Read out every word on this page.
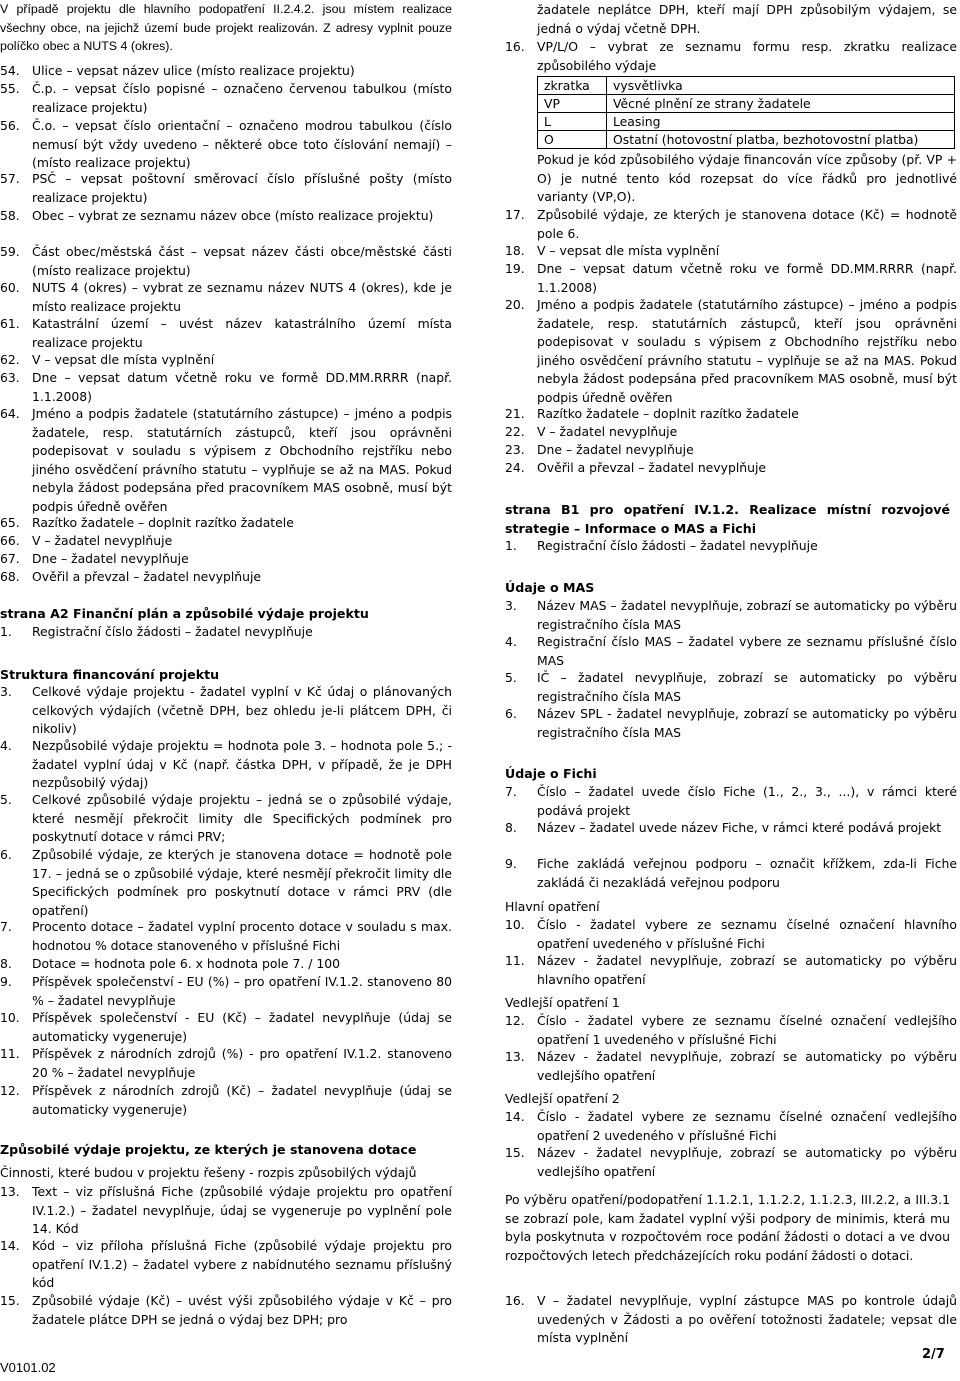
V případě projektu dle hlavního podopatření II.2.4.2. jsou místem realizace všechny obce, na jejichž území bude projekt realizován. Z adresy vyplnit pouze políčko obec a NUTS 4 (okres).

54. Ulice – vepsat název ulice (místo realizace projektu)
55. Č.p. – vepsat číslo popisné – označeno červenou tabulkou (místo realizace projektu)
56. Č.o. – vepsat číslo orientační – označeno modrou tabulkou (číslo nemusí být vždy uvedeno – některé obce toto číslování nemají) – (místo realizace projektu)
57. PSČ – vepsat poštovní směrovací číslo příslušné pošty (místo realizace projektu)
58. Obec – vybrat ze seznamu název obce (místo realizace projektu)
59. Část obec/městská část – vepsat název části obce/městské části (místo realizace projektu)
60. NUTS 4 (okres) – vybrat ze seznamu název NUTS 4 (okres), kde je místo realizace projektu
61. Katastrální území – uvést název katastrálního území místa realizace projektu
62. V – vepsat dle místa vyplnění
63. Dne – vepsat datum včetně roku ve formě DD.MM.RRRR (např. 1.1.2008)
64. Jméno a podpis žadatele (statutárního zástupce) – jméno a podpis žadatele, resp. statutárních zástupců, kteří jsou oprávněni podepisovat v souladu s výpisem z Obchodního rejstříku nebo jiného osvědčení právního statutu – vyplňuje se až na MAS. Pokud nebyla žádost podepsána před pracovníkem MAS osobně, musí být podpis úředně ověřen
65. Razítko žadatele – doplnit razítko žadatele
66. V – žadatel nevyplňuje
67. Dne – žadatel nevyplňuje
68. Ověřil a převzal – žadatel nevyplňuje

strana A2 Finanční plán a způsobilé výdaje projektu

1. Registrační číslo žádosti – žadatel nevyplňuje

Struktura financování projektu

3. Celkové výdaje projektu - žadatel vyplní v Kč údaj o plánovaných celkových výdajích (včetně DPH, bez ohledu je-li plátcem DPH, či nikoliv)
4. Nezpůsobilé výdaje projektu = hodnota pole 3. – hodnota pole 5.; - žadatel vyplní údaj v Kč (např. částka DPH, v případě, že je DPH nezpůsobilý výdaj)
5. Celkové způsobilé výdaje projektu – jedná se o způsobilé výdaje, které nesmějí překročit limity dle Specifických podmínek pro poskytnutí dotace v rámci PRV;
6. Způsobilé výdaje, ze kterých je stanovena dotace = hodnotě pole 17. – jedná se o způsobilé výdaje, které nesmějí překročit limity dle Specifických podmínek pro poskytnutí dotace v rámci PRV (dle opatření)
7. Procento dotace – žadatel vyplní procento dotace v souladu s max. hodnotou % dotace stanoveného v příslušné Fichi
8. Dotace = hodnota pole 6. x hodnota pole 7. / 100
9. Příspěvek společenství - EU (%) – pro opatření IV.1.2. stanoveno 80 % – žadatel nevyplňuje
10. Příspěvek společenství - EU (Kč) – žadatel nevyplňuje (údaj se automaticky vygeneruje)
11. Příspěvek z národních zdrojů (%) - pro opatření IV.1.2. stanoveno 20 % – žadatel nevyplňuje
12. Příspěvek z národních zdrojů (Kč) – žadatel nevyplňuje (údaj se automaticky vygeneruje)

Způsobilé výdaje projektu, ze kterých je stanovena dotace

Činnosti, které budou v projektu řešeny - rozpis způsobilých výdajů

13. Text – viz příslušná Fiche (způsobilé výdaje projektu pro opatření IV.1.2.) – žadatel nevyplňuje, údaj se vygeneruje po vyplnění pole 14. Kód
14. Kód – viz příloha příslušná Fiche (způsobilé výdaje projektu pro opatření IV.1.2) – žadatel vybere z nabídnutého seznamu příslušný kód
15. Způsobilé výdaje (Kč) – uvést výši způsobilého výdaje v Kč – pro žadatele plátce DPH se jedná o výdaj bez DPH; pro
V0101.02

žadatele neplátce DPH, kteří mají DPH způsobilým výdajem, se jedná o výdaj včetně DPH.

16. VP/L/O – vybrat ze seznamu formu resp. zkratku realizace způsobilého výdaje
zkratka	vysvětlivka
VP	Věcné plnění ze strany žadatele
L	Leasing
O	Ostatní (hotovostní platba, bezhotovostní platba)

Pokud je kód způsobilého výdaje financován více způsoby (př. VP + O) je nutné tento kód rozepsat do více řádků pro jednotlivé varianty (VP,O).

17. Způsobilé výdaje, ze kterých je stanovena dotace (Kč) = hodnotě pole 6.
18. V – vepsat dle místa vyplnění
19. Dne – vepsat datum včetně roku ve formě DD.MM.RRRR (např. 1.1.2008)
20. Jméno a podpis žadatele (statutárního zástupce) – jméno a podpis žadatele, resp. statutárních zástupců, kteří jsou oprávněni podepisovat v souladu s výpisem z Obchodního rejstříku nebo jiného osvědčení právního statutu – vyplňuje se až na MAS. Pokud nebyla žádost podepsána před pracovníkem MAS osobně, musí být podpis úředně ověřen
21. Razítko žadatele – doplnit razítko žadatele
22. V – žadatel nevyplňuje
23. Dne – žadatel nevyplňuje
24. Ověřil a převzal – žadatel nevyplňuje

strana B1 pro opatření IV.1.2. Realizace místní rozvojové strategie – Informace o MAS a Fichi

1. Registrační číslo žádosti – žadatel nevyplňuje

Údaje o MAS

3. Název MAS – žadatel nevyplňuje, zobrazí se automaticky po výběru registračního čísla MAS
4. Registrační číslo MAS – žadatel vybere ze seznamu příslušné číslo MAS
5. IČ – žadatel nevyplňuje, zobrazí se automaticky po výběru registračního čísla MAS
6. Název SPL - žadatel nevyplňuje, zobrazí se automaticky po výběru registračního čísla MAS

Údaje o Fichi

7. Číslo – žadatel uvede číslo Fiche (1., 2., 3., ...), v rámci které podává projekt
8. Název – žadatel uvede název Fiche, v rámci které podává projekt
9. Fiche zakládá veřejnou podporu – označit křížkem, zda-li Fiche zakládá či nezakládá veřejnou podporu

Hlavní opatření

10. Číslo - žadatel vybere ze seznamu číselné označení hlavního opatření uvedeného v příslušné Fichi
11. Název - žadatel nevyplňuje, zobrazí se automaticky po výběru hlavního opatření

Vedlejší opatření 1

12. Číslo - žadatel vybere ze seznamu číselné označení vedlejšího opatření 1 uvedeného v příslušné Fichi
13. Název - žadatel nevyplňuje, zobrazí se automaticky po výběru vedlejšího opatření

Vedlejší opatření 2

14. Číslo - žadatel vybere ze seznamu číselné označení vedlejšího opatření 2 uvedeného v příslušné Fichi
15. Název - žadatel nevyplňuje, zobrazí se automaticky po výběru vedlejšího opatření

Po výběru opatření/podopatření 1.1.2.1, 1.1.2.2, 1.1.2.3, III.2.2, a III.3.1 se zobrazí pole, kam žadatel vyplní výši podpory de minimis, která mu byla poskytnuta v rozpočtovém roce podání žádosti o dotaci a ve dvou rozpočtových letech předcházejících roku podání žádosti o dotaci.

16. V – žadatel nevyplňuje, vyplní zástupce MAS po kontrole údajů uvedených v Žádosti a po ověření totožnosti žadatele; vepsat dle místa vyplnění
2/7
